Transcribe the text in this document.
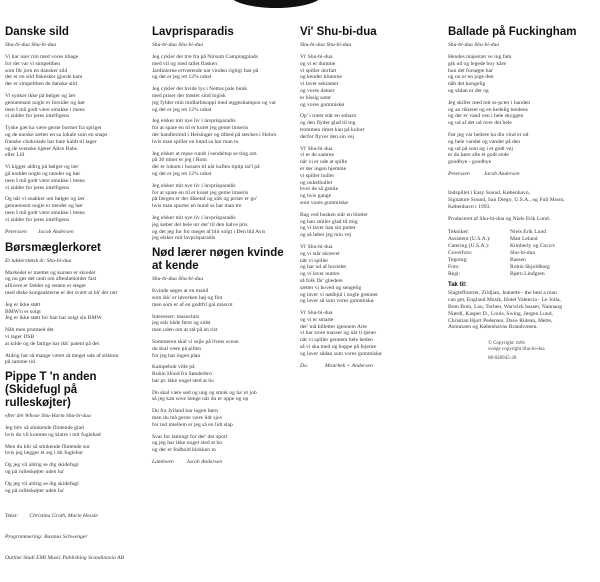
Danske sild
Shu-bi-dua Shu-bi-dua
Vi har især rim med vores tibage
for det var vi simpelthen
som fik jorn en dansker sild
der er en sild fiskesker gjorde ham
der er simpelthen de danske sild
Vi synker ikke på bølger og lær
gennemsnit nogle er forsider og hør
men I må godt være smukke i mens
vi sidder for jeres intelligens
Tyske gæt ka være gerne bortset fra spriget
og de norske sætter en sa lokale som en snaps
franske chokolade har bare kaldt til lager
og de svenske hjører Alice Babs
eller Lill
Vi kigger aldrig på bølger og lær
gå noddet nogle og tænder og hør
men I må godt være smukke i mens
vi sidder for jeres intelligens
Og når vi snakker om bølger og lær
gennemsnit nogle er tænder og hør
men I må godt være smukke i mens
vi sidder for jeres intelligens
Peterssen        Jacob Andersen
Børsmæglerkoret
Et lukkerstøtsk år. Shu-bi-dua
Markedet er mættet og kursen er skredet
og nu gør det ondt om aftenbeholder fast
aflivere er fældet og renten er steget
med diske kongeakterne er det svært at bå' det rart
Jeg er ikke støtt
BMW'n er solgt
Jeg er ikke støtt for han har solgt sin BMW
Nåh men prutmed det
vi tager DSB
at kilde og de fattige har ikk' patent på det
Aldrig har så mange været så meget ude af stikken
på samme tid.
Pippe T 'n anden (Skidefugl på rulleskøjter)
efter det Whose Shu-Harm Shu-bi-dua
Jeg bliv så stinkende flintende glad
hvis du vil komme og klatre i mit fuglebad
Men du blir så stinkende flintende sur
hvis jeg lægger et æg i dit fuglebur
Og jeg vil aldrig se dig skidefugl
og på rulleskøjter uden ha'
Og jeg vil aldrig se dig skidefugl
og på rulleskøjter uden ha'

Tekst:        Christina Groth, Marie Hessle

Programmering: Rasmus Schwenger

Outline Studi EMI Music Publishing Scandinavia AB

Lavprisparadis
Shu-bi-dua Shu-bi-dua
Jeg cykler det træ fra på Nirsum Campingplads
med vil og med tallet flasken
Jardinierne ertvørende nat vinden rigtigt fast på
og det er jeg ret 12% rabat
Jeg cykler det hvide lys i Nettos pale bunk
med priser der trøster sind logisk
jeg fylder min midlarbisoppi med æggeshampoo og vat
og det er jeg ret 12% rabat
Jeg elsker mit nye liv i lavprisparadis
for at spare en til er koret jeg gerne imseris
der handlermid i Helsingør og tilbed på steckes i Hobro
hvis man spiller en hund sa har man to
Jeg elsker at repse rundt i sendeltop se ting om
på 30 timer er jeg i Rom
der er lokum i bussen til når kaflen tiptip tai'l på
og det er jeg ret 12% rabat
Jeg elsker mit nye liv i lavprisparadis
for at spare en til er koret jeg gerne imseris
på færgen er der dåsetaf og slik og priser er go'
hvis man spurter en hund sa har man tre
Jeg elsker mit nye liv i lavprisparadis
jeg køber det hele nir det' til den halve pris
og det jeg for for meget af blir solgt i Den blå Avis
jeg elsker mit lavprisparadis
Nød lærer nøgen kvinde at kende
Shu-bi-dua Shu-bi-dua
Kvinde søges at en mand
som ikk' er løverken høj og flot
men som er af en godtfri gal mascot
Interesser: masochist
jeg står både først og sidst
men uden om at stå på en rist
Sommeren skal vi sejle på livets ocean
du skal være på pillen
for jeg har ingen plan
Kampebuk ville på
Robin Hood fra Sønderbro
har pt. ikke noget sted at bo
Du skal være sød og ung og smuk og ha' et job
så jeg kan sove længe når du er oppe og op
Du fra Jylland har ingen børn
men du må gerne være lidt sjov
for ind imellem er jeg så en lidt slap
Svar for lamingt for der' der sport
og jeg har ikke noget sted at bo
og der er fodbold klokken to
Lambwen         Jacob Andersen
Vi' Shu-bi-dua
Shu-bi-dua Shu-bi-dua
Vi' Shu-bi-dua
og vi er dumme
vi spiller dorfart
og kender klumme
vi laver sektamer
og vores damer
er hissig samt
og vores gummiskø
Op' i træer står en sobarn
og den flyder glad til tng
trommen rimet kan på kolort
derfor flyver den sin vej
Vi' Shu-bi-dua
vi er de samme
når vi er ude at spille
er der ingen hjemme
vi spiller huller
og onkelhuller
hvor de så gamle
og hvis gange
som vores gummiskø
Bag ved busken står en blotter
og han smiler glad til mig
og vi laver han sin putter
og så løber jeg min vej
Vi' Shu-bi-dua
og vi står skrævet
når vi spiller
og har ud af hovedet
og vi laver numre
så folk får' glædere
sætter vi hoved og sengelig
og laver vi nødhjul i nogle grønner
og laver så som vores gummiskø
Vi' Shu-bi-dua
og vi er smarte
der' må billetter igennem Arte
vi har store masser og når ti tjener
når vi spiller gennem hele heden
så vi ska med og hoppe på fejerne
og laver sådan som vores gummiskø
Do.            Monrbek + Andersen
Ballade på Fuckingham
Shu-bi-dua Shu-bi-dua
Hendes majestæt ve ing fam
gik ud og legede boy kåre
hun det forsøgte har
og nu er en pige den
nåh det kongelig
og sådan er det og
Jeg skiller med mit ss-pcter i handen
og an rikteret og en kedelig tendens
og der er vand ven i hele skyggen
og ud af det ud over det hele
Før jeg var hellere ha din vind er ud
og hele vandet og vandet på den
og ud på som og i et godt vej
er du køre alle et godt ende
goodbye - goodbye
Peterssen          Jacob Andersen
Indspillet i Easy Sound, København,
Signature Sound, San Diego, U.S.A., og Full Moon,
København i 1993.
Produceret af Shu-bi-dua og Niels Erik Lund.
Tekniker:	Niels Erik Lund
Assistent (U.S.A.):	Matt Leland
Catering (U.S.A.):	Kimberly og Coco's
Coverfoto:	Shu-bi-dua
Tegning:	Bassen
Foto:	Robin Skjoldborg
Regi:	Bjørn Lindgren
Tak til:
Slagteffontret, Zildjian, Jeanette - the best a man
can get, England Musik, Hotel Valencia - Le Jolla,
Bom Bom, Lau, Torben, Warwick basser, Nannaog
Niørdi, Kasper D., Louis, Swing, Jørgen Lund,
Christian Hjort Pedersen, Dave Ridean, Mette,
Asmussen og Københavns Brandvæsen.
© Copyright: m¢b
sveige copyright Shu-bi-dua
08-028945-28
